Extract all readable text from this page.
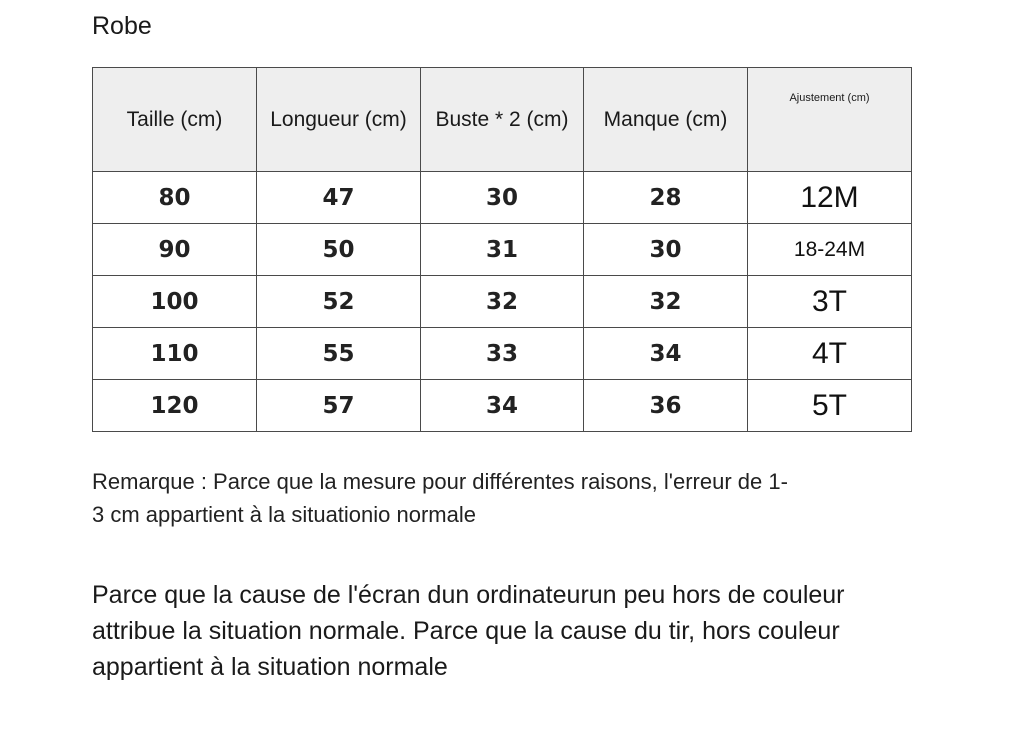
Robe
Taille (cm)	Longueur (cm)	Buste * 2 (cm)	Manque (cm)	Ajustement (cm)
80	47	30	28	12M
90	50	31	30	18-24M
100	52	32	32	3T
110	55	33	34	4T
120	57	34	36	5T
Remarque : Parce que la mesure pour différentes raisons, l'erreur de 1-
3 cm appartient à la situationio normale
Parce que la cause de l'écran dun ordinateurun peu hors de couleur
attribue la situation normale. Parce que la cause du tir, hors couleur
appartient à la situation normale
